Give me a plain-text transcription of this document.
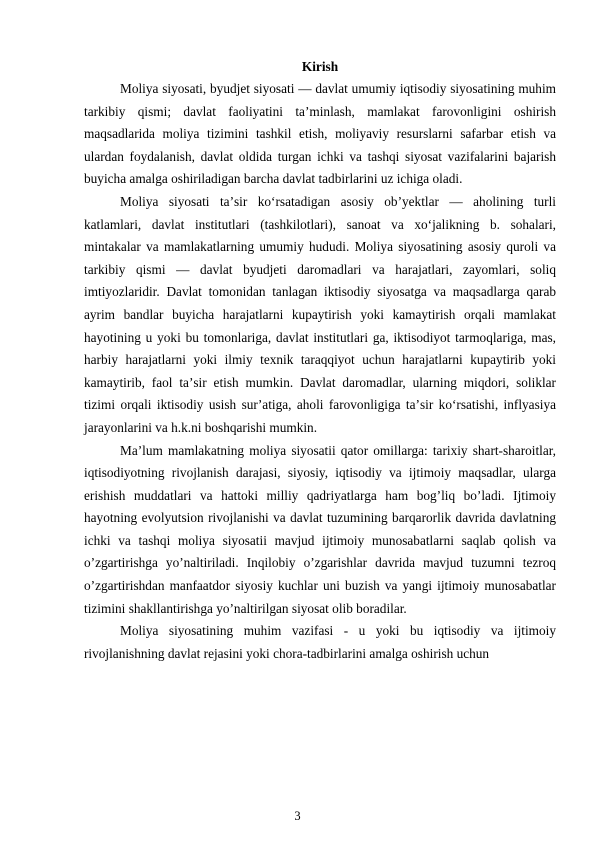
Kirish

Moliya siyosati, byudjet siyosati — davlat umumiy iqtisodiy siyosatining muhim tarkibiy qismi; davlat faoliyatini taʼminlash, mamlakat farovonligini oshirish maqsadlarida moliya tizimini tashkil etish, moliyaviy resurslarni safarbar etish va ulardan foydalanish, davlat oldida turgan ichki va tashqi siyosat vazifalarini bajarish buyicha amalga oshiriladigan barcha davlat tadbirlarini uz ichiga oladi.

Moliya siyosati taʼsir koʻrsatadigan asosiy obʼyektlar — aholining turli katlamlari, davlat institutlari (tashkilotlari), sanoat va xoʻjalikning b. sohalari, mintakalar va mamlakatlarning umumiy hududi. Moliya siyosatining asosiy quroli va tarkibiy qismi — davlat byudjeti daromadlari va harajatlari, zayomlari, soliq imtiyozlaridir. Davlat tomonidan tanlagan iktisodiy siyosatga va maqsadlarga qarab ayrim bandlar buyicha harajatlarni kupaytirish yoki kamaytirish orqali mamlakat hayotining u yoki bu tomonlariga, davlat institutlari ga, iktisodiyot tarmoqlariga, mas, harbiy harajatlarni yoki ilmiy texnik taraqqiyot uchun harajatlarni kupaytirib yoki kamaytirib, faol taʼsir etish mumkin. Davlat daromadlar, ularning miqdori, soliklar tizimi orqali iktisodiy usish surʼatiga, aholi farovonligiga taʼsir koʻrsatishi, inflyasiya jarayonlarini va h.k.ni boshqarishi mumkin.

Ma’lum mamlakatning moliya siyosatii qator omillarga: tarixiy shart-sharoitlar, iqtisodiyotning rivojlanish darajasi, siyosiy, iqtisodiy va ijtimoiy maqsadlar, ularga erishish muddatlari va hattoki milliy qadriyatlarga ham bog’liq bo’ladi. Ijtimoiy hayotning evolyutsion rivojlanishi va davlat tuzumining barqarorlik davrida davlatning ichki va tashqi moliya siyosatii mavjud ijtimoiy munosabatlarni saqlab qolish va o’zgartirishga yo’naltiriladi. Inqilobiy o’zgarishlar davrida mavjud tuzumni tezroq o’zgartirishdan manfaatdor siyosiy kuchlar uni buzish va yangi ijtimoiy munosabatlar tizimini shakllantirishga yo’naltirilgan siyosat olib boradilar.

Moliya siyosatining muhim vazifasi - u yoki bu iqtisodiy va ijtimoiy rivojlanishning davlat rejasini yoki chora-tadbirlarini amalga oshirish uchun

3
